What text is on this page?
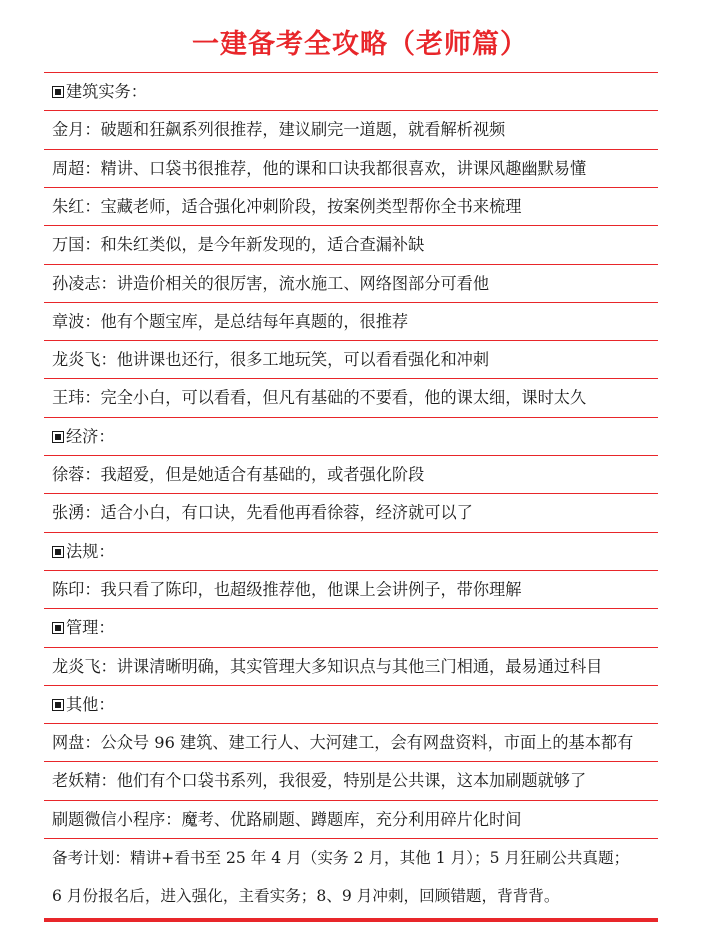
一建备考全攻略（老师篇）
建筑实务：
金月：破题和狂飙系列很推荐，建议刷完一道题，就看解析视频
周超：精讲、口袋书很推荐，他的课和口诀我都很喜欢，讲课风趣幽默易懂
朱红：宝藏老师，适合强化冲刺阶段，按案例类型帮你全书来梳理
万国：和朱红类似，是今年新发现的，适合查漏补缺
孙凌志：讲造价相关的很厉害，流水施工、网络图部分可看他
章波：他有个题宝库，是总结每年真题的，很推荐
龙炎飞：他讲课也还行，很多工地玩笑，可以看看强化和冲刺
王玮：完全小白，可以看看，但凡有基础的不要看，他的课太细，课时太久
经济：
徐蓉：我超爱，但是她适合有基础的，或者强化阶段
张湧：适合小白，有口诀，先看他再看徐蓉，经济就可以了
法规：
陈印：我只看了陈印，也超级推荐他，他课上会讲例子，带你理解
管理：
龙炎飞：讲课清晰明确，其实管理大多知识点与其他三门相通，最易通过科目
其他：
网盘：公众号 96 建筑、建工行人、大河建工，会有网盘资料，市面上的基本都有
老妖精：他们有个口袋书系列，我很爱，特别是公共课，这本加刷题就够了
刷题微信小程序：魔考、优路刷题、蹲题库，充分利用碎片化时间
备考计划：精讲+看书至 25 年 4 月（实务 2 月，其他 1 月）；5 月狂刷公共真题；
6 月份报名后，进入强化，主看实务；8、9 月冲刺，回顾错题，背背背。
